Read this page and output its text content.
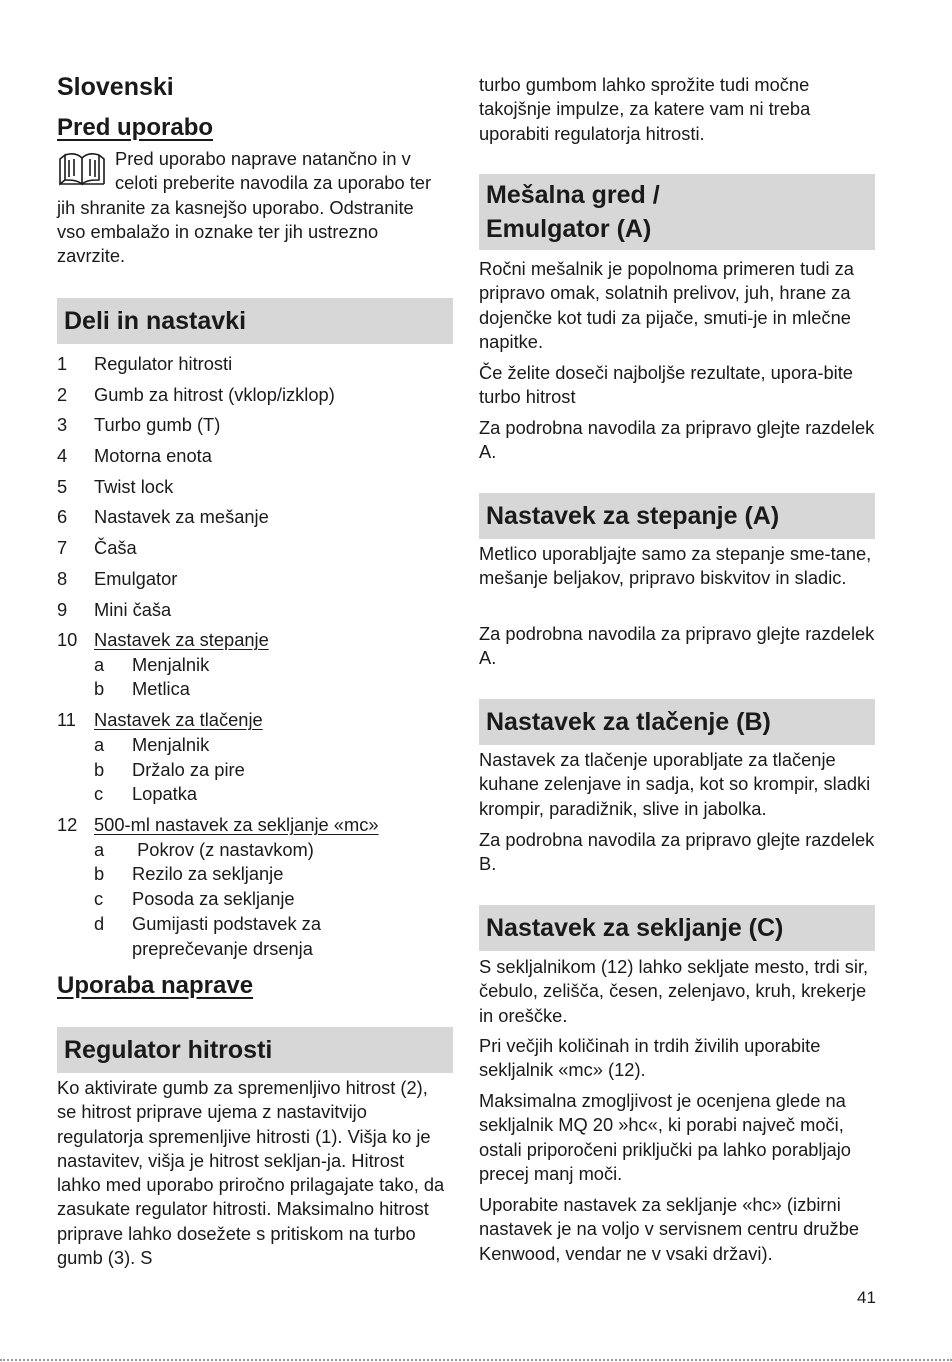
Slovenski
Pred uporabo

Pred uporabo naprave natančno in v celoti preberite navodila za uporabo ter jih shranite za kasnejšo uporabo. Odstranite vso embalažo in oznake ter jih ustrezno zavrzite.

Deli in nastavki
1 Regulator hitrosti
2 Gumb za hitrost (vklop/izklop)
3 Turbo gumb (T)
4 Motorna enota
5 Twist lock
6 Nastavek za mešanje
7 Čaša
8 Emulgator
9 Mini čaša
10 Nastavek za stepanje
a Menjalnik
b Metlica
11 Nastavek za tlačenje
a Menjalnik
b Držalo za pire
c Lopatka
12 500-ml nastavek za sekljanje «mc»
a Pokrov (z nastavkom)
b Rezilo za sekljanje
c Posoda za sekljanje
d Gumijasti podstavek za preprečevanje drsenja
Uporaba naprave
Regulator hitrosti

Ko aktivirate gumb za spremenljivo hitrost (2), se hitrost priprave ujema z nastavitvijo regulatorja spremenljive hitrosti (1). Višja ko je nastavitev, višja je hitrost sekljan-ja. Hitrost lahko med uporabo priročno prilagajate tako, da zasukate regulator hitrosti. Maksimalno hitrost priprave lahko dosežete s pritiskom na turbo gumb (3). S

turbo gumbom lahko sprožite tudi močne takojšnje impulze, za katere vam ni treba uporabiti regulatorja hitrosti.

Mešalna gred /
Emulgator (A)

Ročni mešalnik je popolnoma primeren tudi za pripravo omak, solatnih prelivov, juh, hrane za dojenčke kot tudi za pijače, smuti-je in mlečne napitke.

Če želite doseči najboljše rezultate, upora-bite turbo hitrost

Za podrobna navodila za pripravo glejte razdelek A.

Nastavek za stepanje (A)

Metlico uporabljajte samo za stepanje sme-tane, mešanje beljakov, pripravo biskvitov in sladic.

Za podrobna navodila za pripravo glejte razdelek A.

Nastavek za tlačenje (B)

Nastavek za tlačenje uporabljate za tlačenje kuhane zelenjave in sadja, kot so krompir, sladki krompir, paradižnik, slive in jabolka.

Za podrobna navodila za pripravo glejte razdelek B.

Nastavek za sekljanje (C)

S sekljalnikom (12) lahko sekljate mesto, trdi sir, čebulo, zelišča, česen, zelenjavo, kruh, krekerje in oreščke.

Pri večjih količinah in trdih živilih uporabite sekljalnik «mc» (12).

Maksimalna zmogljivost je ocenjena glede na sekljalnik MQ 20 »hc«, ki porabi največ moči, ostali priporočeni priključki pa lahko porabljajo precej manj moči.

Uporabite nastavek za sekljanje «hc» (izbirni nastavek je na voljo v servisnem centru družbe Kenwood, vendar ne v vsaki državi).

41
